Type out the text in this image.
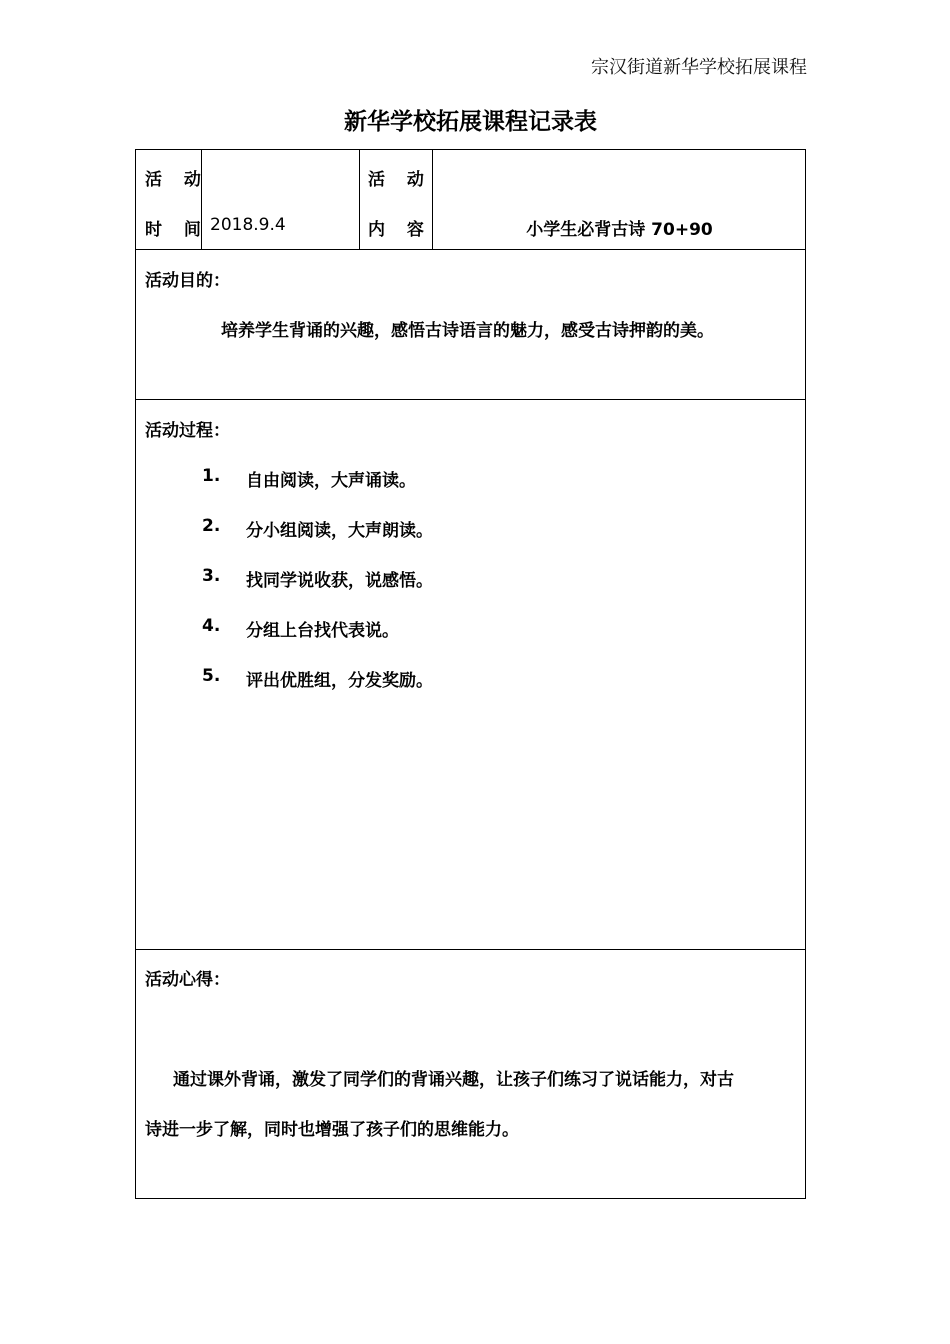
宗汉街道新华学校拓展课程
新华学校拓展课程记录表
活 动
时 间 2018.9.4
活 动
内 容	小学生必背古诗 70+90
活动目的：
培养学生背诵的兴趣，感悟古诗语言的魅力，感受古诗押韵的美。
活动过程：
1. 自由阅读，大声诵读。
2. 分小组阅读，大声朗读。
3. 找同学说收获，说感悟。
4. 分组上台找代表说。
5. 评出优胜组，分发奖励。
活动心得：
通过课外背诵，激发了同学们的背诵兴趣，让孩子们练习了说话能力，对古
诗进一步了解，同时也增强了孩子们的思维能力。
